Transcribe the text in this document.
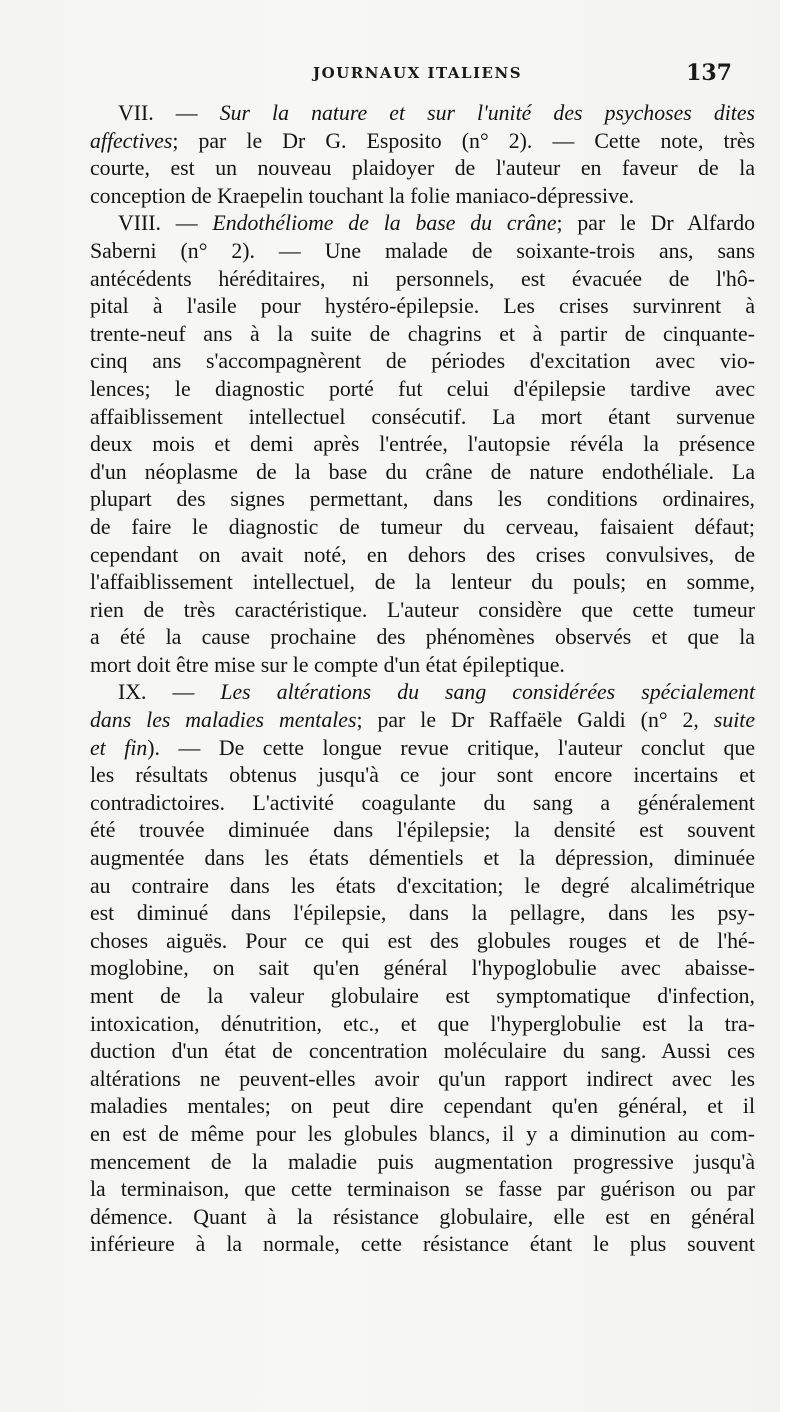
JOURNAUX ITALIENS	137
VII. — Sur la nature et sur l'unité des psychoses dites
affectives; par le Dr G. Esposito (n° 2). — Cette note, très
courte, est un nouveau plaidoyer de l'auteur en faveur de la
conception de Kraepelin touchant la folie maniaco-dépressive.
VIII. — Endothéliome de la base du crâne; par le Dr Alfardo
Saberni (n° 2). — Une malade de soixante-trois ans, sans
antécédents héréditaires, ni personnels, est évacuée de l'hô-
pital à l'asile pour hystéro-épilepsie. Les crises survinrent à
trente-neuf ans à la suite de chagrins et à partir de cinquante-
cinq ans s'accompagnèrent de périodes d'excitation avec vio-
lences; le diagnostic porté fut celui d'épilepsie tardive avec
affaiblissement intellectuel consécutif. La mort étant survenue
deux mois et demi après l'entrée, l'autopsie révéla la présence
d'un néoplasme de la base du crâne de nature endothéliale. La
plupart des signes permettant, dans les conditions ordinaires,
de faire le diagnostic de tumeur du cerveau, faisaient défaut;
cependant on avait noté, en dehors des crises convulsives, de
l'affaiblissement intellectuel, de la lenteur du pouls; en somme,
rien de très caractéristique. L'auteur considère que cette tumeur
a été la cause prochaine des phénomènes observés et que la
mort doit être mise sur le compte d'un état épileptique.
IX. — Les altérations du sang considérées spécialement
dans les maladies mentales; par le Dr Raffaële Galdi (n° 2, suite
et fin). — De cette longue revue critique, l'auteur conclut que
les résultats obtenus jusqu'à ce jour sont encore incertains et
contradictoires. L'activité coagulante du sang a généralement
été trouvée diminuée dans l'épilepsie; la densité est souvent
augmentée dans les états démentiels et la dépression, diminuée
au contraire dans les états d'excitation; le degré alcalimétrique
est diminué dans l'épilepsie, dans la pellagre, dans les psy-
choses aiguës. Pour ce qui est des globules rouges et de l'hé-
moglobine, on sait qu'en général l'hypoglobulie avec abaisse-
ment de la valeur globulaire est symptomatique d'infection,
intoxication, dénutrition, etc., et que l'hyperglobulie est la tra-
duction d'un état de concentration moléculaire du sang. Aussi ces
altérations ne peuvent-elles avoir qu'un rapport indirect avec les
maladies mentales; on peut dire cependant qu'en général, et il
en est de même pour les globules blancs, il y a diminution au com-
mencement de la maladie puis augmentation progressive jusqu'à
la terminaison, que cette terminaison se fasse par guérison ou par
démence. Quant à la résistance globulaire, elle est en général
inférieure à la normale, cette résistance étant le plus souvent
